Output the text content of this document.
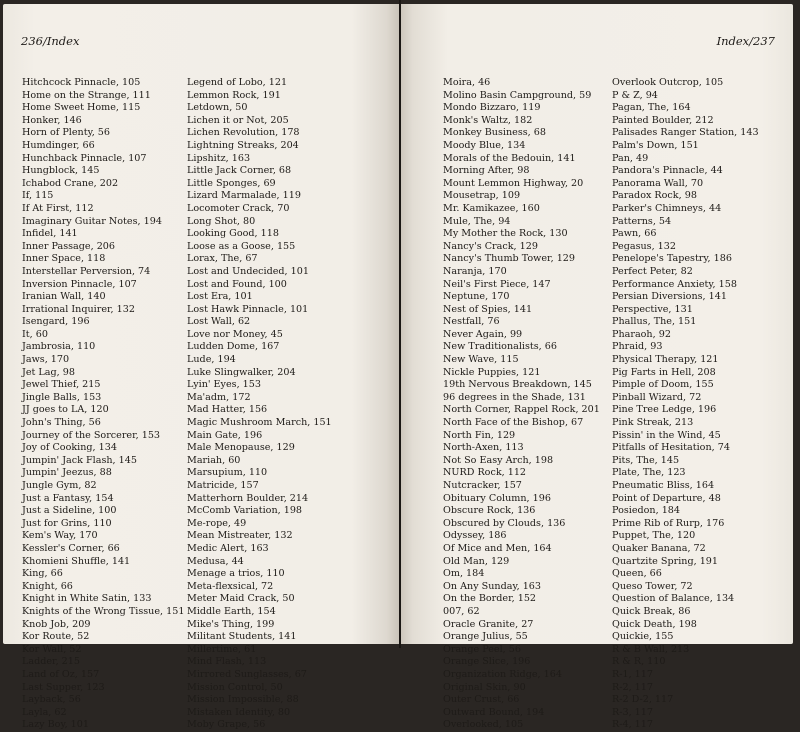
236/Index
Hitchcock Pinnacle, 105
Home on the Strange, 111
Home Sweet Home, 115
Honker, 146
Horn of Plenty, 56
Humdinger, 66
Hunchback Pinnacle, 107
Hungblock, 145
Ichabod Crane, 202
If, 115
If At First, 112
Imaginary Guitar Notes, 194
Infidel, 141
Inner Passage, 206
Inner Space, 118
Interstellar Perversion, 74
Inversion Pinnacle, 107
Iranian Wall, 140
Irrational Inquirer, 132
Isengard, 196
It, 60
Jambrosia, 110
Jaws, 170
Jet Lag, 98
Jewel Thief, 215
Jingle Balls, 153
JJ goes to LA, 120
John's Thing, 56
Journey of the Sorcerer, 153
Joy of Cooking, 134
Jumpin' Jack Flash, 145
Jumpin' Jeezus, 88
Jungle Gym, 82
Just a Fantasy, 154
Just a Sideline, 100
Just for Grins, 110
Kem's Way, 170
Kessler's Corner, 66
Khomieni Shuffle, 141
King, 66
Knight, 66
Knight in White Satin, 133
Knights of the Wrong Tissue, 151
Knob Job, 209
Kor Route, 52
Kor Wall, 52
Ladder, 215
Land of Oz, 157
Last Supper, 123
Layback, 56
Layla, 62
Lazy Boy, 101
Legend of Lobo, 121
Lemmon Rock, 191
Letdown, 50
Lichen it or Not, 205
Lichen Revolution, 178
Lightning Streaks, 204
Lipshitz, 163
Little Jack Corner, 68
Little Sponges, 69
Lizard Marmalade, 119
Locomoter Crack, 70
Long Shot, 80
Looking Good, 118
Loose as a Goose, 155
Lorax, The, 67
Lost and Undecided, 101
Lost and Found, 100
Lost Era, 101
Lost Hawk Pinnacle, 101
Lost Wall, 62
Love nor Money, 45
Ludden Dome, 167
Lude, 194
Luke Slingwalker, 204
Lyin' Eyes, 153
Ma'adm, 172
Mad Hatter, 156
Magic Mushroom March, 151
Main Gate, 196
Male Menopause, 129
Mariah, 60
Marsupium, 110
Matricide, 157
Matterhorn Boulder, 214
McComb Variation, 198
Me-rope, 49
Mean Mistreater, 132
Medic Alert, 163
Medusa, 44
Menage a trios, 110
Meta-flexsical, 72
Meter Maid Crack, 50
Middle Earth, 154
Mike's Thing, 199
Militant Students, 141
Millertime, 61
Mind Flash, 113
Mirrored Sunglasses, 67
Mission Control, 50
Mission Impossible, 88
Mistaken Identity, 80
Moby Grape, 56
Index/237
Moira, 46
Molino Basin Campground, 59
Mondo Bizzaro, 119
Monk's Waltz, 182
Monkey Business, 68
Moody Blue, 134
Morals of the Bedouin, 141
Morning After, 98
Mount Lemmon Highway, 20
Mousetrap, 109
Mr. Kamikazee, 160
Mule, The, 94
My Mother the Rock, 130
Nancy's Crack, 129
Nancy's Thumb Tower, 129
Naranja, 170
Neil's First Piece, 147
Neptune, 170
Nest of Spies, 141
Nestfall, 76
Never Again, 99
New Traditionalists, 66
New Wave, 115
Nickle Puppies, 121
19th Nervous Breakdown, 145
96 degrees in the Shade, 131
North Corner, Rappel Rock, 201
North Face of the Bishop, 67
North Fin, 129
North-Axen, 113
Not So Easy Arch, 198
NURD Rock, 112
Nutcracker, 157
Obituary Column, 196
Obscure Rock, 136
Obscured by Clouds, 136
Odyssey, 186
Of Mice and Men, 164
Old Man, 129
Om, 184
On Any Sunday, 163
On the Border, 152
007, 62
Oracle Granite, 27
Orange Julius, 55
Orange Peel, 56
Orange Slice, 196
Organization Ridge, 164
Original Skin, 90
Outer Crust, 66
Outward Bound, 194
Overlooked, 105
Overlook Outcrop, 105
P & Z, 94
Pagan, The, 164
Painted Boulder, 212
Palisades Ranger Station, 143
Palm's Down, 151
Pan, 49
Pandora's Pinnacle, 44
Panorama Wall, 70
Paradox Rock, 98
Parker's Chimneys, 44
Patterns, 54
Pawn, 66
Pegasus, 132
Penelope's Tapestry, 186
Perfect Peter, 82
Performance Anxiety, 158
Persian Diversions, 141
Perspective, 131
Phallus, The, 151
Pharaoh, 92
Phraid, 93
Physical Therapy, 121
Pig Farts in Hell, 208
Pimple of Doom, 155
Pinball Wizard, 72
Pine Tree Ledge, 196
Pink Streak, 213
Pissin' in the Wind, 45
Pitfalls of Hesitation, 74
Pits, The, 145
Plate, The, 123
Pneumatic Bliss, 164
Point of Departure, 48
Posiedon, 184
Prime Rib of Rurp, 176
Puppet, The, 120
Quaker Banana, 72
Quartzite Spring, 191
Queen, 66
Queso Tower, 72
Question of Balance, 134
Quick Break, 86
Quick Death, 198
Quickie, 155
R & B Wall, 213
R & R, 110
R-1, 117
R-2, 117
R-2 D-2, 117
R-3, 117
R-4, 117
